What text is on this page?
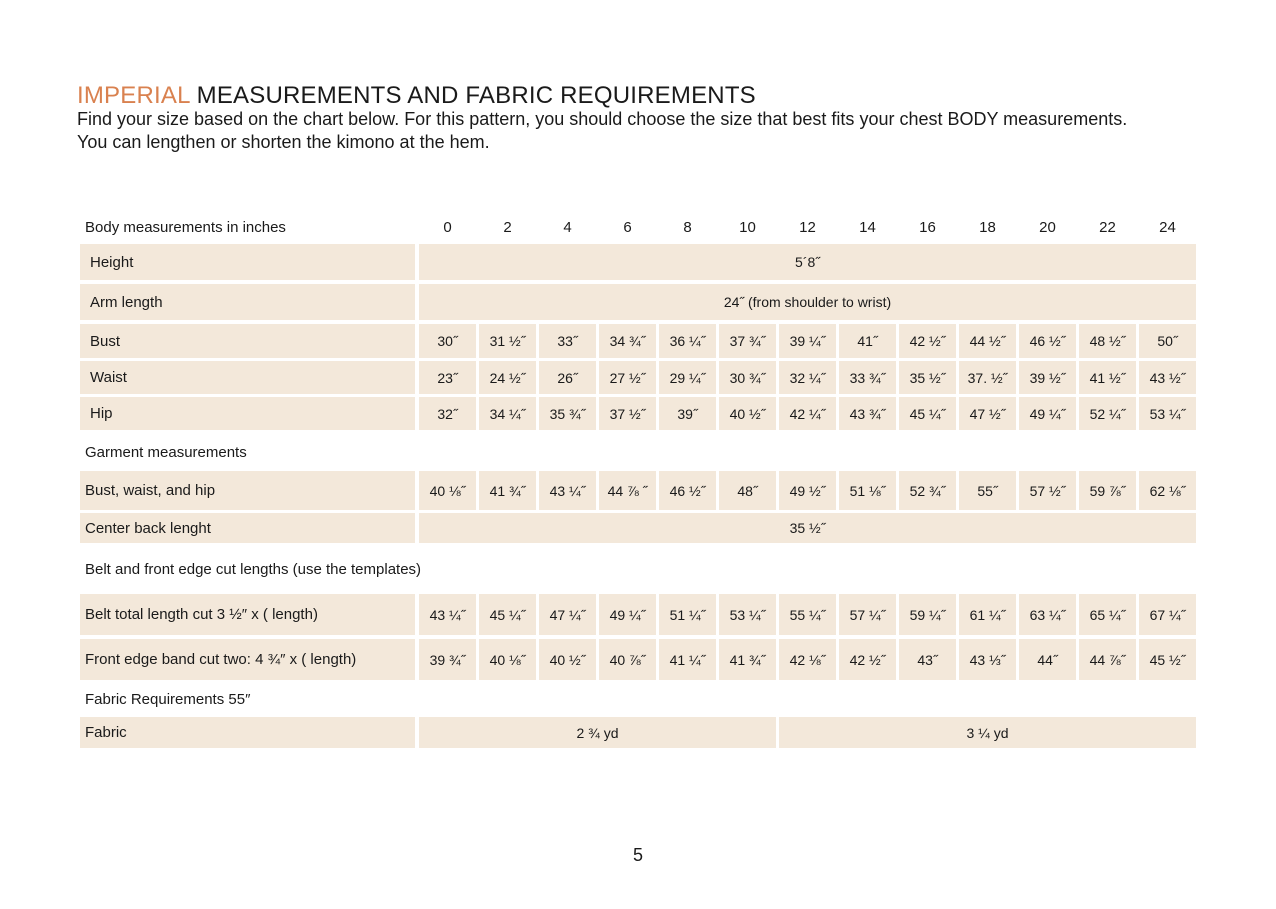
IMPERIAL MEASUREMENTS AND FABRIC REQUIREMENTS

Find your size based on the chart below. For this pattern, you should choose the size that best fits your chest BODY measurements.

You can lengthen or shorten the kimono at the hem.

Body measurements in inches	0	2	4	6	8	10	12	14	16	18	20	22	24
Height	5´8˝
Arm length	24˝ (from shoulder to wrist)
Bust	30˝	31 ½˝	33˝	34 ¾˝	36 ¼˝	37 ¾˝	39 ¼˝	41˝	42 ½˝	44 ½˝	46 ½˝	48 ½˝	50˝
Waist	23˝	24 ½˝	26˝	27 ½˝	29 ¼˝	30 ¾˝	32 ¼˝	33 ¾˝	35 ½˝	37. ½˝	39 ½˝	41 ½˝	43 ½˝
Hip	32˝	34 ¼˝	35 ¾˝	37 ½˝	39˝	40 ½˝	42 ¼˝	43 ¾˝	45 ¼˝	47 ½˝	49 ¼˝	52 ¼˝	53 ¼˝
Bust, waist, and hip	40 ⅛˝	41 ¾˝	43 ¼˝	44 ⅞ ˝	46 ½˝	48˝	49 ½˝	51 ⅛˝	52 ¾˝	55˝	57 ½˝	59 ⅞˝	62 ⅛˝
Center back lenght	35 ½˝
Belt total length cut 3 ½″ x ( length)	43 ¼˝	45 ¼˝	47 ¼˝	49 ¼˝	51 ¼˝	53 ¼˝	55 ¼˝	57 ¼˝	59 ¼˝	61 ¼˝	63 ¼˝	65 ¼˝	67 ¼˝
Front edge band cut two: 4 ¾″ x ( length)	39 ¾˝	40 ⅛˝	40 ½˝	40 ⅞˝	41 ¼˝	41 ¾˝	42 ⅛˝	42 ½˝	43˝	43 ⅓˝	44˝	44 ⅞˝	45 ½˝
Fabric	2 ¾ yd	3 ¼ yd
Garment measurements
Belt and front edge cut lengths (use the templates)
Fabric Requirements 55″
5
